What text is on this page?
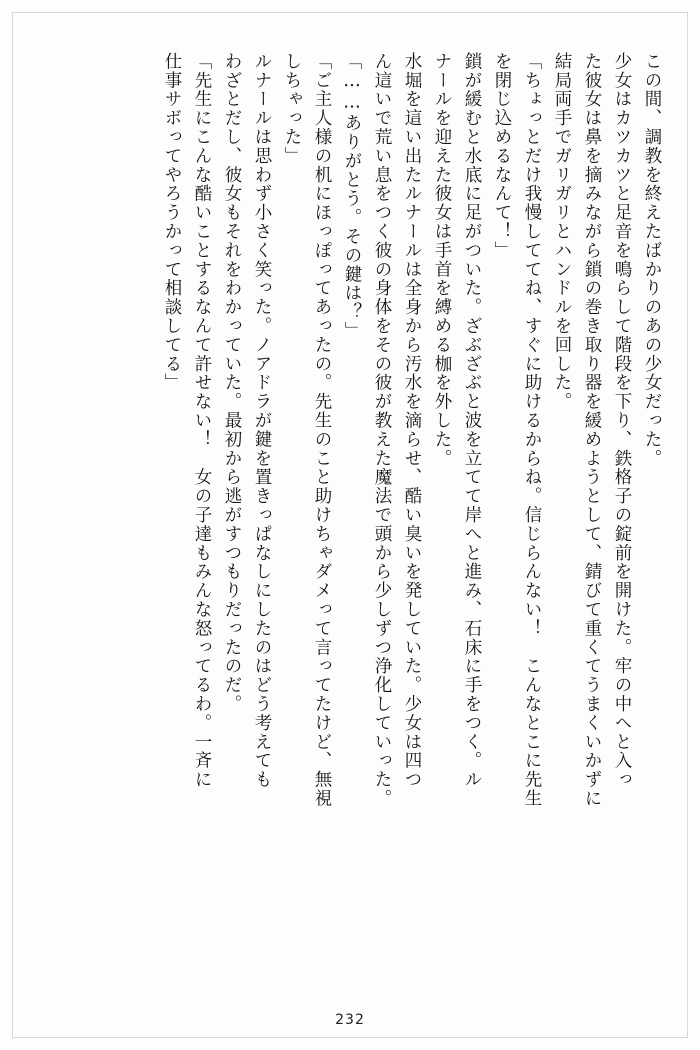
この間、調教を終えたばかりのあの少女だった。
少女はカツカツと足音を鳴らして階段を下り、鉄格子の錠前を開けた。牢の中へと入っ
た彼女は鼻を摘みながら鎖の巻き取り器を緩めようとして、錆びて重くてうまくいかずに
結局両手でガリガリとハンドルを回した。
「ちょっとだけ我慢しててね、すぐに助けるからね。信じらんない！　こんなとこに先生
を閉じ込めるなんて！」
鎖が緩むと水底に足がついた。ざぶざぶと波を立てて岸へと進み、石床に手をつく。ル
ナールを迎えた彼女は手首を縛める枷を外した。
水堀を這い出たルナールは全身から汚水を滴らせ、酷い臭いを発していた。少女は四つ
ん這いで荒い息をつく彼の身体をその彼が教えた魔法で頭から少しずつ浄化していった。
「……ありがとう。その鍵は？」
「ご主人様の机にほっぽってあったの。先生のこと助けちゃダメって言ってたけど、無視
しちゃった」
ルナールは思わず小さく笑った。ノアドラが鍵を置きっぱなしにしたのはどう考えても
わざとだし、彼女もそれをわかっていた。最初から逃がすつもりだったのだ。
「先生にこんな酷いことするなんて許せない！　女の子達もみんな怒ってるわ。一斉に
仕事サボってやろうかって相談してる」
232
